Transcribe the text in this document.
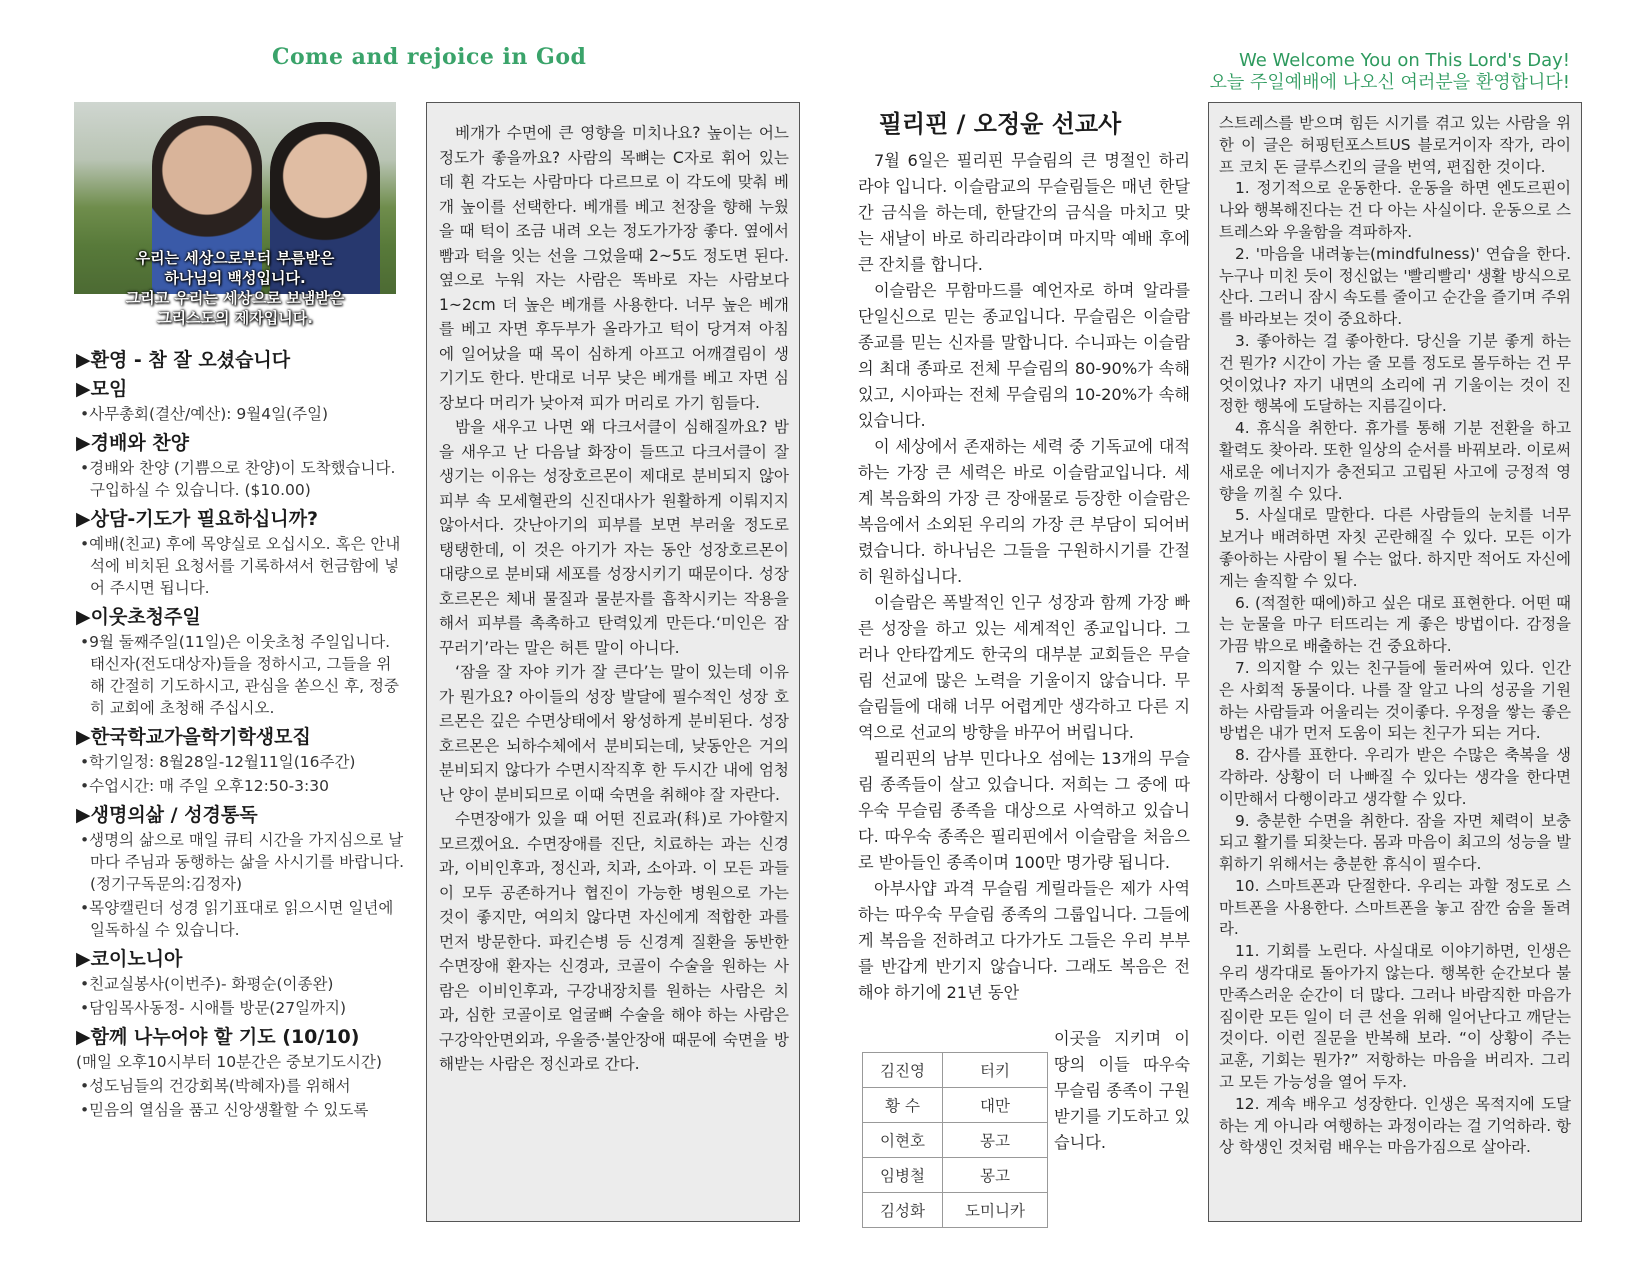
Come and rejoice in God	We Welcome You on This Lord's Day!
오늘 주일예배에 나오신 여러분을 환영합니다!
우리는 세상으로부터 부름받은
하나님의 백성입니다.
그리고 우리는 세상으로 보냄받은
그리스도의 제자입니다.
▶환영 - 참 잘 오셨습니다
▶모임
•사무총회(결산/예산): 9월4일(주일)
▶경배와 찬양
•경배와 찬양 (기쁨으로 찬양)이 도착했습니다. 구입하실 수 있습니다. ($10.00)
▶상담-기도가 필요하십니까?
•예배(친교) 후에 목양실로 오십시오. 혹은 안내석에 비치된 요청서를 기록하셔서 헌금함에 넣어 주시면 됩니다.
▶이웃초청주일
•9월 둘째주일(11일)은 이웃초청 주일입니다. 태신자(전도대상자)들을 정하시고, 그들을 위해 간절히 기도하시고, 관심을 쏟으신 후, 정중히 교회에 초청해 주십시오.
▶한국학교가을학기학생모집
•학기일정: 8월28일-12월11일(16주간)
•수업시간: 매 주일 오후12:50-3:30
▶생명의삶 / 성경통독
•생명의 삶으로 매일 큐티 시간을 가지심으로 날마다 주님과 동행하는 삶을 사시기를 바랍니다. (정기구독문의:김정자)
•목양캘린더 성경 읽기표대로 읽으시면 일년에 일독하실 수 있습니다.
▶코이노니아
•친교실봉사(이번주)- 화평순(이종완)
•담임목사동정- 시애틀 방문(27일까지)
▶함께 나누어야 할 기도 (10/10)
(매일 오후10시부터 10분간은 중보기도시간)
•성도님들의 건강회복(박혜자)를 위해서
•믿음의 열심을 품고 신앙생활할 수 있도록

베개가 수면에 큰 영향을 미치나요? 높이는 어느 정도가 좋을까요? 사람의 목뼈는 C자로 휘어 있는데 휜 각도는 사람마다 다르므로 이 각도에 맞춰 베개 높이를 선택한다. 베개를 베고 천장을 향해 누웠을 때 턱이 조금 내려 오는 정도가가장 좋다. 옆에서 빰과 턱을 잇는 선을 그었을때 2~5도 정도면 된다. 옆으로 누워 자는 사람은 똑바로 자는 사람보다 1~2cm 더 높은 베개를 사용한다. 너무 높은 베개를 베고 자면 후두부가 올라가고 턱이 당겨져 아침에 일어났을 때 목이 심하게 아프고 어깨결림이 생기기도 한다. 반대로 너무 낮은 베개를 베고 자면 심장보다 머리가 낮아져 피가 머리로 가기 힘들다.

밤을 새우고 나면 왜 다크서클이 심해질까요? 밤을 새우고 난 다음날 화장이 들뜨고 다크서클이 잘 생기는 이유는 성장호르몬이 제대로 분비되지 않아 피부 속 모세혈관의 신진대사가 원활하게 이뤄지지 않아서다. 갓난아기의 피부를 보면 부러울 정도로 탱탱한데, 이 것은 아기가 자는 동안 성장호르몬이 대량으로 분비돼 세포를 성장시키기 때문이다. 성장호르몬은 체내 물질과 물분자를 흡착시키는 작용을 해서 피부를 촉촉하고 탄력있게 만든다.‘미인은 잠꾸러기’라는 말은 허튼 말이 아니다.

‘잠을 잘 자야 키가 잘 큰다’는 말이 있는데 이유가 뭔가요? 아이들의 성장 발달에 필수적인 성장 호르몬은 깊은 수면상태에서 왕성하게 분비된다. 성장호르몬은 뇌하수체에서 분비되는데, 낮동안은 거의 분비되지 않다가 수면시작직후 한 두시간 내에 엄청난 양이 분비되므로 이때 숙면을 취해야 잘 자란다.

수면장애가 있을 때 어떤 진료과(科)로 가야할지 모르겠어요. 수면장애를 진단, 치료하는 과는 신경과, 이비인후과, 정신과, 치과, 소아과. 이 모든 과들이 모두 공존하거나 협진이 가능한 병원으로 가는 것이 좋지만, 여의치 않다면 자신에게 적합한 과를 먼저 방문한다. 파킨슨병 등 신경계 질환을 동반한 수면장애 환자는 신경과, 코골이 수술을 원하는 사람은 이비인후과, 구강내장치를 원하는 사람은 치과, 심한 코골이로 얼굴뼈 수술을 해야 하는 사람은 구강악안면외과, 우울증·불안장애 때문에 숙면을 방해받는 사람은 정신과로 간다.

필리핀 / 오정윤 선교사

7월 6일은 필리핀 무슬림의 큰 명절인 하리라야 입니다. 이슬람교의 무슬림들은 매년 한달간 금식을 하는데, 한달간의 금식을 마치고 맞는 새날이 바로 하리라랴이며 마지막 예배 후에 큰 잔치를 합니다.

이슬람은 무함마드를 예언자로 하며 알라를 단일신으로 믿는 종교입니다. 무슬림은 이슬람 종교를 믿는 신자를 말합니다. 수니파는 이슬람의 최대 종파로 전체 무슬림의 80-90%가 속해 있고, 시아파는 전체 무슬림의 10-20%가 속해 있습니다.

이 세상에서 존재하는 세력 중 기독교에 대적하는 가장 큰 세력은 바로 이슬람교입니다. 세계 복음화의 가장 큰 장애물로 등장한 이슬람은 복음에서 소외된 우리의 가장 큰 부담이 되어버렸습니다. 하나님은 그들을 구원하시기를 간절히 원하십니다.

이슬람은 폭발적인 인구 성장과 함께 가장 빠른 성장을 하고 있는 세계적인 종교입니다. 그러나 안타깝게도 한국의 대부분 교회들은 무슬림 선교에 많은 노력을 기울이지 않습니다. 무슬림들에 대해 너무 어렵게만 생각하고 다른 지역으로 선교의 방향을 바꾸어 버립니다.

필리핀의 남부 민다나오 섬에는 13개의 무슬림 종족들이 살고 있습니다. 저희는 그 중에 따우숙 무슬림 종족을 대상으로 사역하고 있습니다. 따우숙 종족은 필리핀에서 이슬람을 처음으로 받아들인 종족이며 100만 명가량 됩니다.

아부사얍 과격 무슬림 게릴라들은 제가 사역하는 따우숙 무슬림 종족의 그룹입니다. 그들에게 복음을 전하려고 다가가도 그들은 우리 부부를 반갑게 반기지 않습니다. 그래도 복음은 전해야 하기에 21년 동안

이곳을 지키며 이 땅의 이들 따우숙 무슬림 종족이 구원 받기를 기도하고 있습니다.
김진영	터키
황 수	대만
이현호	몽고
임병철	몽고
김성화	도미니카

스트레스를 받으며 힘든 시기를 겪고 있는 사람을 위한 이 글은 허핑턴포스트US 블로거이자 작가, 라이프 코치 돈 글루스킨의 글을 번역, 편집한 것이다.

1. 정기적으로 운동한다. 운동을 하면 엔도르핀이 나와 행복해진다는 건 다 아는 사실이다. 운동으로 스트레스와 우울함을 격파하자.

2. '마음을 내려놓는(mindfulness)' 연습을 한다. 누구나 미친 듯이 정신없는 '빨리빨리' 생활 방식으로 산다. 그러니 잠시 속도를 줄이고 순간을 즐기며 주위를 바라보는 것이 중요하다.

3. 좋아하는 걸 좋아한다. 당신을 기분 좋게 하는 건 뭔가? 시간이 가는 줄 모를 정도로 몰두하는 건 무엇이었나? 자기 내면의 소리에 귀 기울이는 것이 진정한 행복에 도달하는 지름길이다.

4. 휴식을 취한다. 휴가를 통해 기분 전환을 하고 활력도 찾아라. 또한 일상의 순서를 바꿔보라. 이로써 새로운 에너지가 충전되고 고립된 사고에 긍정적 영향을 끼칠 수 있다.

5. 사실대로 말한다. 다른 사람들의 눈치를 너무 보거나 배려하면 자칫 곤란해질 수 있다. 모든 이가 좋아하는 사람이 될 수는 없다. 하지만 적어도 자신에게는 솔직할 수 있다.

6. (적절한 때에)하고 싶은 대로 표현한다. 어떤 때는 눈물을 마구 터뜨리는 게 좋은 방법이다. 감정을 가끔 밖으로 배출하는 건 중요하다.

7. 의지할 수 있는 친구들에 둘러싸여 있다. 인간은 사회적 동물이다. 나를 잘 알고 나의 성공을 기원하는 사람들과 어울리는 것이좋다. 우정을 쌓는 좋은 방법은 내가 먼저 도움이 되는 친구가 되는 거다.

8. 감사를 표한다. 우리가 받은 수많은 축복을 생각하라. 상황이 더 나빠질 수 있다는 생각을 한다면 이만해서 다행이라고 생각할 수 있다.

9. 충분한 수면을 취한다. 잠을 자면 체력이 보충되고 활기를 되찾는다. 몸과 마음이 최고의 성능을 발휘하기 위해서는 충분한 휴식이 필수다.

10. 스마트폰과 단절한다. 우리는 과할 정도로 스마트폰을 사용한다. 스마트폰을 놓고 잠깐 숨을 돌려라.

11. 기회를 노린다. 사실대로 이야기하면, 인생은 우리 생각대로 돌아가지 않는다. 행복한 순간보다 불만족스러운 순간이 더 많다. 그러나 바람직한 마음가짐이란 모든 일이 더 큰 선을 위해 일어난다고 깨닫는 것이다. 이런 질문을 반복해 보라. “이 상황이 주는 교훈, 기회는 뭔가?” 저항하는 마음을 버리자. 그리고 모든 가능성을 열어 두자.

12. 계속 배우고 성장한다. 인생은 목적지에 도달하는 게 아니라 여행하는 과정이라는 걸 기억하라. 항상 학생인 것처럼 배우는 마음가짐으로 살아라.
